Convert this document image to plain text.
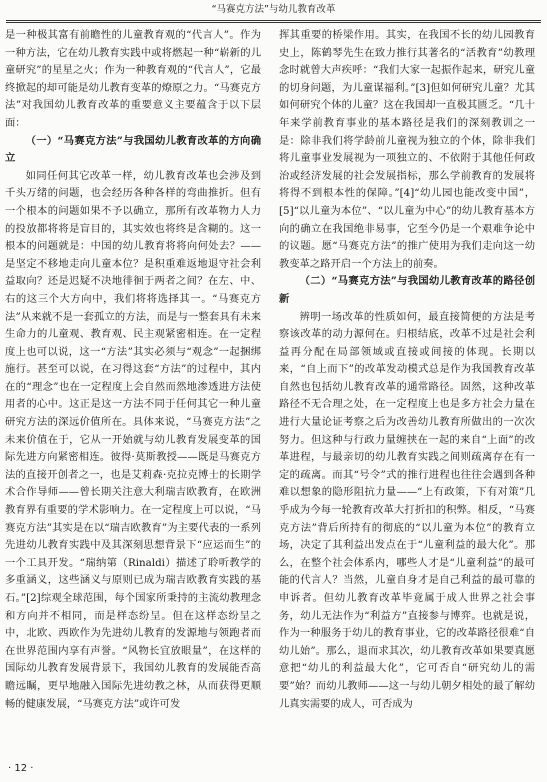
“马赛克方法”与幼儿教育改革

是一种极其富有前瞻性的儿童教育观的“代言人”。作为一种方法，它在幼儿教育实践中或将燃起一种“崭新的儿童研究”的星星之火；作为一种教育观的“代言人”，它最终掀起的却可能是幼儿教育变革的燎原之力。“马赛克方法”对我国幼儿教育改革的重要意义主要蕴含于以下层面：

（一）“马赛克方法”与我国幼儿教育改革的方向确立

如同任何其它改革一样，幼儿教育改革也会涉及到千头万绪的问题，也会经历各种各样的弯曲推折。但有一个根本的问题如果不予以确立，那所有改革物力人力的投放都将将是盲目的，其实效也将终是含糊的。这一根本的问题就是：中国的幼儿教育将将向何处去？——是坚定不移地走向儿童本位？是积重难返地退守社会利益取向？还是迟疑不决地徘徊于两者之间？在左、中、右的这三个大方向中，我们将将选择其一。“马赛克方法”从来就不是一套孤立的方法，而是与一整套具有未来生命力的儿童观、教育观、民主观紧密相连。在一定程度上也可以说，这一“方法”其实必须与“观念”一起捆绑施行。甚至可以说，在习得这套“方法”的过程中，其内在的“理念”也在一定程度上会自然而然地渗透进方法使用者的心中。这正是这一方法不同于任何其它一种儿童研究方法的深远价值所在。具体来说，“马赛克方法”之未来价值在于，它从一开始就与幼儿教育发展变革的国际先进方向紧密相连。彼得·莫斯教授——既是马赛克方法的直接开创者之一，也是艾莉森·克拉克博士的长期学术合作导师——曾长期关注意大利瑞吉欧教育，在欧洲教育界有重要的学术影响力。在一定程度上可以说，“马赛克方法”其实是在以“瑞吉欧教育”为主要代表的一系列先进幼儿教育实践中及其深刻思想背景下“应运而生”的一个工具开发。“瑞纳第（Rinaldi）描述了聆听教学的多重涵义，这些涵义与原则已成为瑞吉欧教育实践的基石。”[2]综观全球范围，每个国家所秉持的主流幼教理念和方向并不相同，而是样态纷呈。但在这样态纷呈之中，北欧、西欧作为先进幼儿教育的发源地与领跑者而在世界范围内享有声誉。“风物长宜放眼量”，在这样的国际幼儿教育发展背景下，我国幼儿教育的发展能否高瞻远瞩，更早地融入国际先进幼教之林，从而获得更顺畅的健康发展，“马赛克方法”或许可发

挥其重要的桥梁作用。其实，在我国不长的幼儿园教育史上，陈鹤琴先生在致力推行其著名的“活教育”幼教理念时就曾大声疾呼：“我们大家一起振作起来，研究儿童的切身问题，为儿童谋福利。”[3]但如何研究儿童？尤其如何研究个体的儿童？这在我国却一直极其匮乏。“几十年来学前教育事业的基本路径是我们的深刻教训之一是：除非我们将学龄前儿童视为独立的个体，除非我们将儿童事业发展视为一项独立的、不依附于其他任何政治或经济发展的社会发展指标，那么学前教育的发展将将得不到根本性的保障。”[4]“幼儿园也能改变中国”，[5]“以儿童为本位”、“以儿童为中心”的幼儿教育基本方向的确立在我国绝非易事，它至今仍是一个艰难争论中的议题。愿“马赛克方法”的推广使用为我们走向这一幼教变革之路开启一个方法上的前奏。

（二）“马赛克方法”与我国幼儿教育改革的路径创新

辨明一场改革的性质如何，最直接简便的方法是考察该改革的动力源何在。归根结底，改革不过是社会利益再分配在局部领域或直接或间接的体现。长期以来，“自上而下”的改革发动模式总是作为我国教育改革自然也包括幼儿教育改革的通常路径。固然，这种改革路径不无合理之处，在一定程度上也是多方社会力量在进行大量论证考察之后为改善幼儿教育所做出的一次次努力。但这种与行政力量缠挟在一起的来自“上面”的改革进程，与最亲切的幼儿教育实践之间则疏离存在有一定的疏离。而其“号令”式的推行进程也往往会遇到各种难以想象的隐形阻抗力量——“上有政策，下有对策”几乎成为今每一轮教育改革大打折扣的积弊。相反，“马赛克方法”背后所持有的彻底的“以儿童为本位”的教育立场，决定了其利益出发点在于“儿童利益的最大化”。那么，在整个社会体系内，哪些人才是“儿童利益”的最可能的代言人？当然，儿童自身才是自己利益的最可靠的申诉者。但幼儿教育改革毕竟属于成人世界之社会事务，幼儿无法作为“利益方”直接参与博弈。也就是说，作为一种服务于幼儿的教育事业，它的改革路径很难“自幼儿始”。那么，退而求其次，幼儿教育改革如果要真愿意把“幼儿的利益最大化”，它可否自“研究幼儿的需要”始？而幼儿教师——这一与幼儿朝夕相处的最了解幼儿真实需要的成人，可否成为

· 12 ·
